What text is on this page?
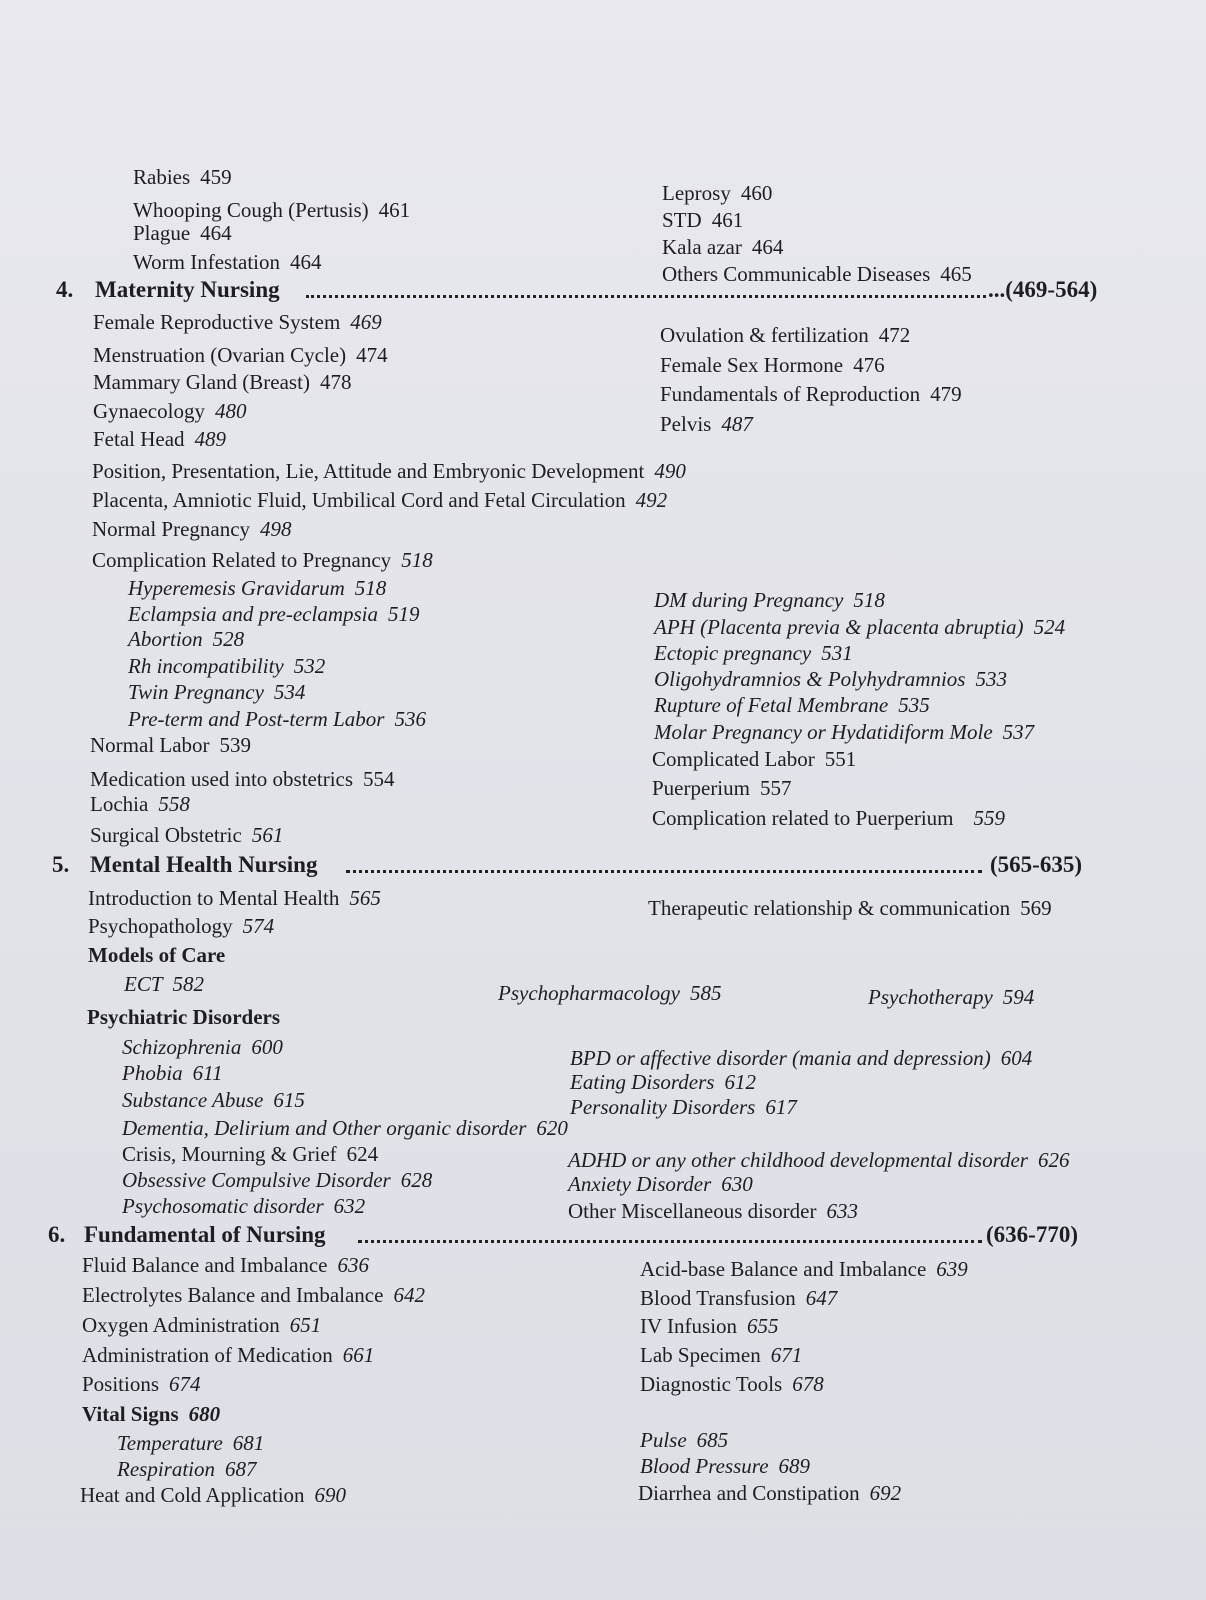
Rabies 459
Whooping Cough (Pertusis) 461
Plague 464
Worm Infestation 464
Leprosy 460
STD 461
Kala azar 464
Others Communicable Diseases 465
4. Maternity Nursing	...(469-564)
Female Reproductive System 469
Menstruation (Ovarian Cycle) 474
Mammary Gland (Breast) 478
Gynaecology 480
Fetal Head 489
Ovulation & fertilization 472
Female Sex Hormone 476
Fundamentals of Reproduction 479
Pelvis 487
Position, Presentation, Lie, Attitude and Embryonic Development 490
Placenta, Amniotic Fluid, Umbilical Cord and Fetal Circulation 492
Normal Pregnancy 498
Complication Related to Pregnancy 518
Hyperemesis Gravidarum 518
Eclampsia and pre-eclampsia 519
Abortion 528
Rh incompatibility 532
Twin Pregnancy 534
Pre-term and Post-term Labor 536
DM during Pregnancy 518
APH (Placenta previa & placenta abruptia) 524
Ectopic pregnancy 531
Oligohydramnios & Polyhydramnios 533
Rupture of Fetal Membrane 535
Molar Pregnancy or Hydatidiform Mole 537
Normal Labor 539
Medication used into obstetrics 554
Lochia 558
Surgical Obstetric 561
Complicated Labor 551
Puerperium 557
Complication related to Puerperium 559
5. Mental Health Nursing	(565-635)
Introduction to Mental Health 565	Therapeutic relationship & communication 569
Psychopathology 574
Models of Care
ECT 582	Psychopharmacology 585	Psychotherapy 594
Psychiatric Disorders
Schizophrenia 600
Phobia 611
Substance Abuse 615
BPD or affective disorder (mania and depression) 604
Eating Disorders 612
Personality Disorders 617
Dementia, Delirium and Other organic disorder 620
Crisis, Mourning & Grief 624	ADHD or any other childhood developmental disorder 626
Obsessive Compulsive Disorder 628	Anxiety Disorder 630
Psychosomatic disorder 632	Other Miscellaneous disorder 633
6. Fundamental of Nursing	(636-770)
Fluid Balance and Imbalance 636
Electrolytes Balance and Imbalance 642
Oxygen Administration 651
Administration of Medication 661
Positions 674
Acid-base Balance and Imbalance 639
Blood Transfusion 647
IV Infusion 655
Lab Specimen 671
Diagnostic Tools 678
Vital Signs 680
Temperature 681
Respiration 687
Pulse 685
Blood Pressure 689
Heat and Cold Application 690	Diarrhea and Constipation 692
